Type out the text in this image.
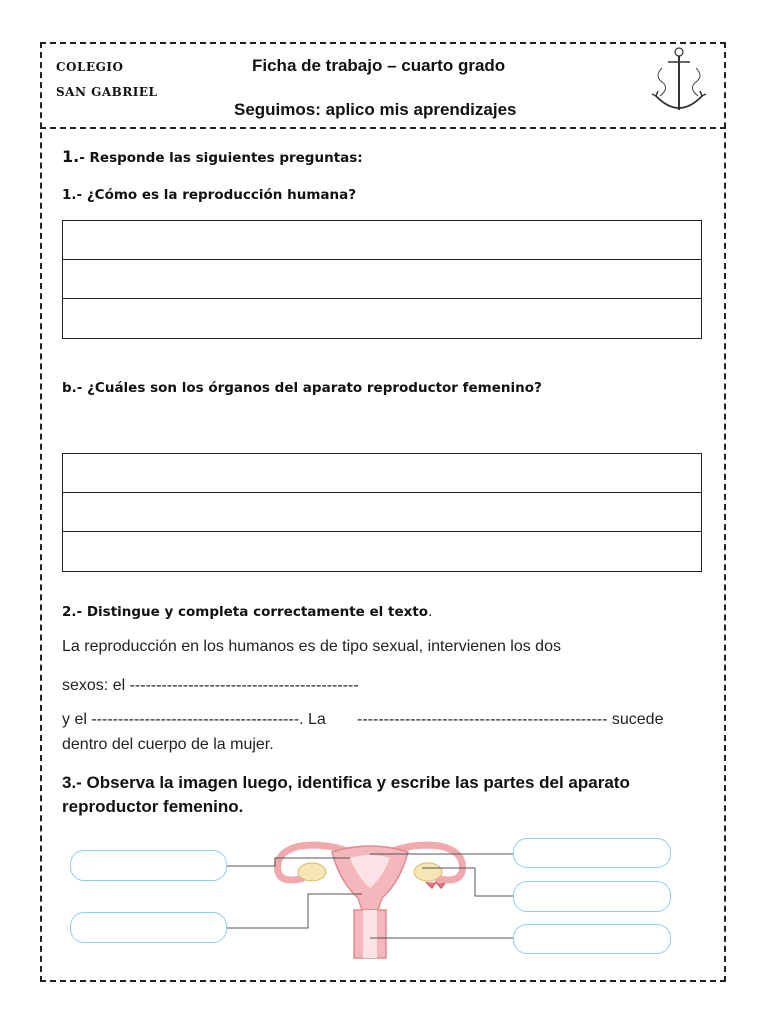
COLEGIO
SAN GABRIEL
Ficha de trabajo – cuarto grado
Seguimos: aplico mis aprendizajes
1.- Responde las siguientes preguntas:
1.- ¿Cómo es la reproducción humana?
b.- ¿Cuáles son los órganos del aparato reproductor femenino?
2.- Distingue y completa correctamente el texto.
La reproducción en los humanos es de tipo sexual, intervienen los dos
sexos: el -------------------------------------------
y el ---------------------------------------. La ----------------------------------------------- sucede
dentro del cuerpo de la mujer.
3.- Observa la imagen luego, identifica y escribe las partes del aparato
reproductor femenino.
